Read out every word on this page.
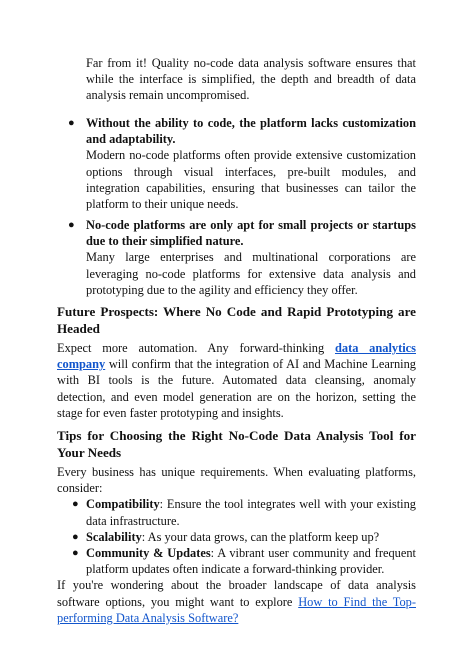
Far from it! Quality no-code data analysis software ensures that while the interface is simplified, the depth and breadth of data analysis remain uncompromised.

● Without the ability to code, the platform lacks customization and adaptability.

Modern no-code platforms often provide extensive customization options through visual interfaces, pre-built modules, and integration capabilities, ensuring that businesses can tailor the platform to their unique needs.

● No-code platforms are only apt for small projects or startups due to their simplified nature.

Many large enterprises and multinational corporations are leveraging no-code platforms for extensive data analysis and prototyping due to the agility and efficiency they offer.

Future Prospects: Where No Code and Rapid Prototyping are Headed

Expect more automation. Any forward-thinking data analytics company will confirm that the integration of AI and Machine Learning with BI tools is the future. Automated data cleansing, anomaly detection, and even model generation are on the horizon, setting the stage for even faster prototyping and insights.

Tips for Choosing the Right No-Code Data Analysis Tool for Your Needs

Every business has unique requirements. When evaluating platforms, consider:

● Compatibility: Ensure the tool integrates well with your existing data infrastructure.

● Scalability: As your data grows, can the platform keep up?

● Community & Updates: A vibrant user community and frequent platform updates often indicate a forward-thinking provider.

If you're wondering about the broader landscape of data analysis software options, you might want to explore How to Find the Top-performing Data Analysis Software?
